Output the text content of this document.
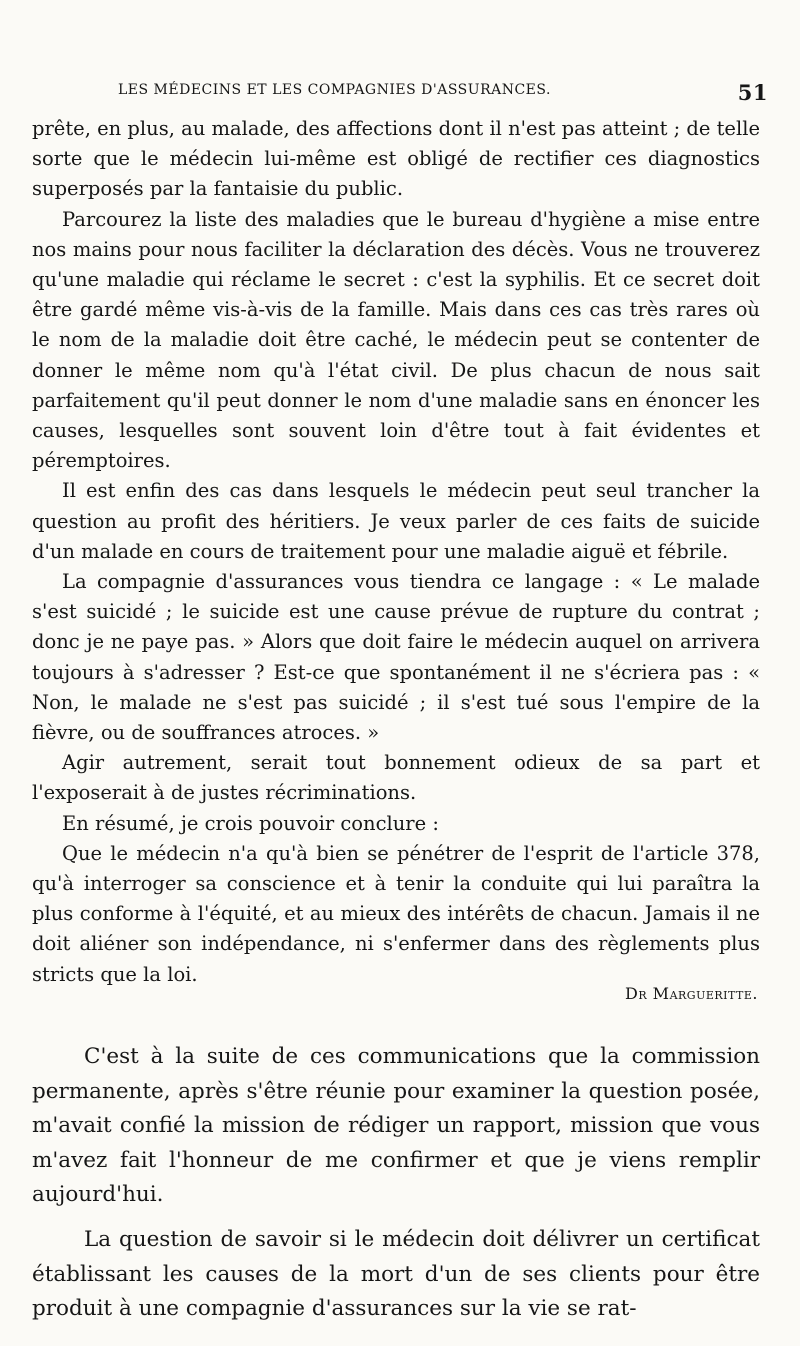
LES MÉDECINS ET LES COMPAGNIES D'ASSURANCES.	51

prête, en plus, au malade, des affections dont il n'est pas atteint ; de telle sorte que le médecin lui-même est obligé de rectifier ces diagnostics superposés par la fantaisie du public.

Parcourez la liste des maladies que le bureau d'hygiène a mise entre nos mains pour nous faciliter la déclaration des décès. Vous ne trouverez qu'une maladie qui réclame le secret : c'est la syphilis. Et ce secret doit être gardé même vis-à-vis de la famille. Mais dans ces cas très rares où le nom de la maladie doit être caché, le médecin peut se contenter de donner le même nom qu'à l'état civil. De plus chacun de nous sait parfaitement qu'il peut donner le nom d'une maladie sans en énoncer les causes, lesquelles sont souvent loin d'être tout à fait évidentes et péremptoires.

Il est enfin des cas dans lesquels le médecin peut seul trancher la question au profit des héritiers. Je veux parler de ces faits de suicide d'un malade en cours de traitement pour une maladie aiguë et fébrile.

La compagnie d'assurances vous tiendra ce langage : « Le malade s'est suicidé ; le suicide est une cause prévue de rupture du contrat ; donc je ne paye pas. » Alors que doit faire le médecin auquel on arrivera toujours à s'adresser ? Est-ce que spontanément il ne s'écriera pas : « Non, le malade ne s'est pas suicidé ; il s'est tué sous l'empire de la fièvre, ou de souffrances atroces. »

Agir autrement, serait tout bonnement odieux de sa part et l'exposerait à de justes récriminations.

En résumé, je crois pouvoir conclure :

Que le médecin n'a qu'à bien se pénétrer de l'esprit de l'article 378, qu'à interroger sa conscience et à tenir la conduite qui lui paraîtra la plus conforme à l'équité, et au mieux des intérêts de chacun. Jamais il ne doit aliéner son indépendance, ni s'enfermer dans des règlements plus stricts que la loi.

Dr Margueritte.

C'est à la suite de ces communications que la commission permanente, après s'être réunie pour examiner la question posée, m'avait confié la mission de rédiger un rapport, mission que vous m'avez fait l'honneur de me confirmer et que je viens remplir aujourd'hui.

La question de savoir si le médecin doit délivrer un certificat établissant les causes de la mort d'un de ses clients pour être produit à une compagnie d'assurances sur la vie se rat-
